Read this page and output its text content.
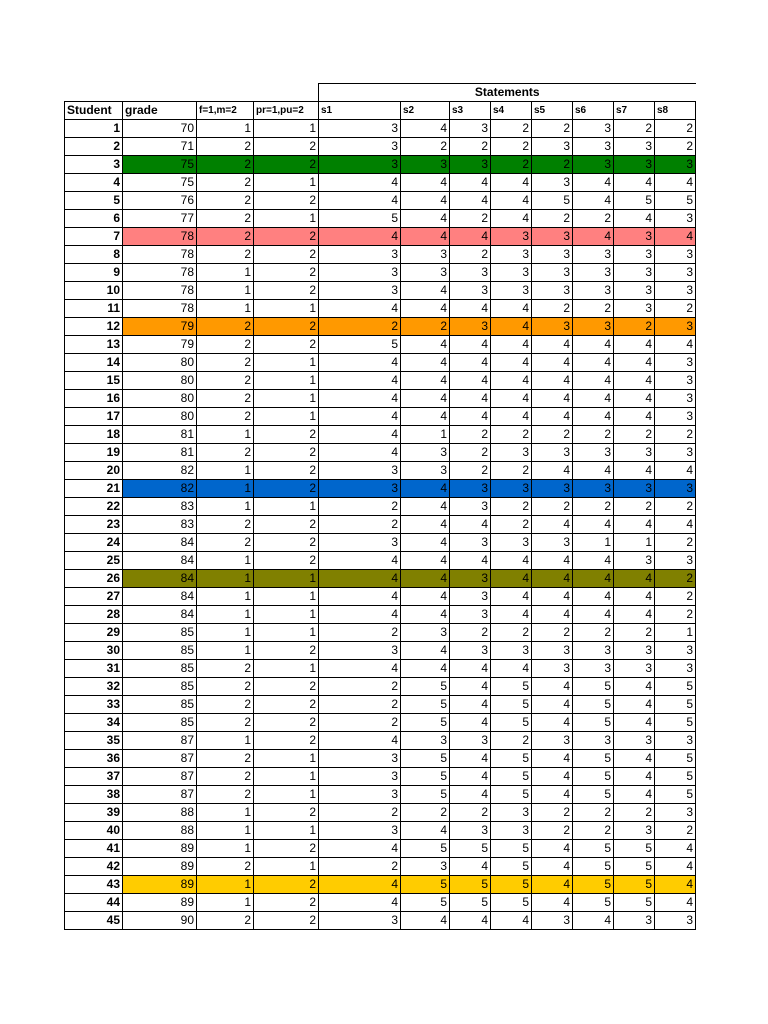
				Statements							
Student	grade	f=1,m=2	pr=1,pu=2	s1	s2	s3	s4	s5	s6	s7	s8
1	70	1	1	3	4	3	2	2	3	2	2
2	71	2	2	3	2	2	2	3	3	3	2
3	75	2	2	3	3	3	2	2	3	3	3
4	75	2	1	4	4	4	4	3	4	4	4
5	76	2	2	4	4	4	4	5	4	5	5
6	77	2	1	5	4	2	4	2	2	4	3
7	78	2	2	4	4	4	3	3	4	3	4
8	78	2	2	3	3	2	3	3	3	3	3
9	78	1	2	3	3	3	3	3	3	3	3
10	78	1	2	3	4	3	3	3	3	3	3
11	78	1	1	4	4	4	4	2	2	3	2
12	79	2	2	2	2	3	4	3	3	2	3
13	79	2	2	5	4	4	4	4	4	4	4
14	80	2	1	4	4	4	4	4	4	4	3
15	80	2	1	4	4	4	4	4	4	4	3
16	80	2	1	4	4	4	4	4	4	4	3
17	80	2	1	4	4	4	4	4	4	4	3
18	81	1	2	4	1	2	2	2	2	2	2
19	81	2	2	4	3	2	3	3	3	3	3
20	82	1	2	3	3	2	2	4	4	4	4
21	82	1	2	3	4	3	3	3	3	3	3
22	83	1	1	2	4	3	2	2	2	2	2
23	83	2	2	2	4	4	2	4	4	4	4
24	84	2	2	3	4	3	3	3	1	1	2
25	84	1	2	4	4	4	4	4	4	3	3
26	84	1	1	4	4	3	4	4	4	4	2
27	84	1	1	4	4	3	4	4	4	4	2
28	84	1	1	4	4	3	4	4	4	4	2
29	85	1	1	2	3	2	2	2	2	2	1
30	85	1	2	3	4	3	3	3	3	3	3
31	85	2	1	4	4	4	4	3	3	3	3
32	85	2	2	2	5	4	5	4	5	4	5
33	85	2	2	2	5	4	5	4	5	4	5
34	85	2	2	2	5	4	5	4	5	4	5
35	87	1	2	4	3	3	2	3	3	3	3
36	87	2	1	3	5	4	5	4	5	4	5
37	87	2	1	3	5	4	5	4	5	4	5
38	87	2	1	3	5	4	5	4	5	4	5
39	88	1	2	2	2	2	3	2	2	2	3
40	88	1	1	3	4	3	3	2	2	3	2
41	89	1	2	4	5	5	5	4	5	5	4
42	89	2	1	2	3	4	5	4	5	5	4
43	89	1	2	4	5	5	5	4	5	5	4
44	89	1	2	4	5	5	5	4	5	5	4
45	90	2	2	3	4	4	4	3	4	3	3
